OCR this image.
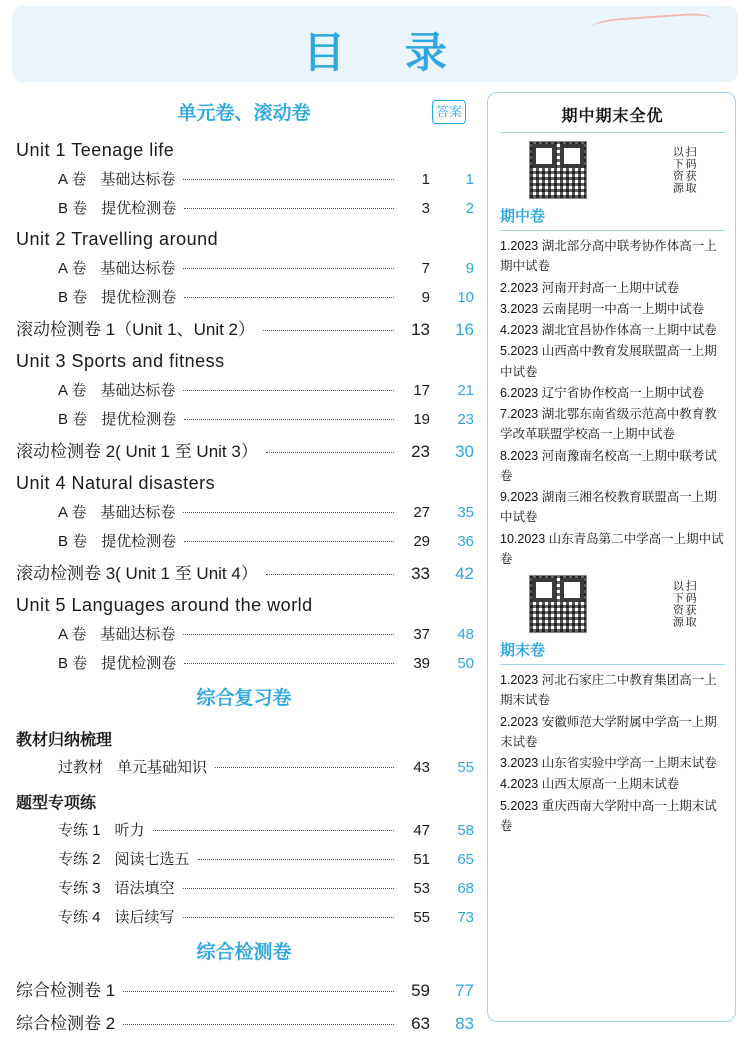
目 录
单元卷、滚动卷
Unit 1 Teenage life
A 卷 基础达标卷	1	1
B 卷 提优检测卷	3	2
Unit 2 Travelling around
A 卷 基础达标卷	7	9
B 卷 提优检测卷	9	10
滚动检测卷 1（Unit 1、Unit 2）	13	16
Unit 3 Sports and fitness
A 卷 基础达标卷	17	21
B 卷 提优检测卷	19	23
滚动检测卷 2( Unit 1 至 Unit 3）	23	30
Unit 4 Natural disasters
A 卷 基础达标卷	27	35
B 卷 提优检测卷	29	36
滚动检测卷 3( Unit 1 至 Unit 4）	33	42
Unit 5 Languages around the world
A 卷 基础达标卷	37	48
B 卷 提优检测卷	39	50
综合复习卷
教材归纳梳理
过教材 单元基础知识	43	55
题型专项练
专练 1 听力	47	58
专练 2 阅读七选五	51	65
专练 3 语法填空	53	68
专练 4 读后续写	55	73
综合检测卷
综合检测卷 1	59	77
综合检测卷 2	63	83
答案	期中期末全优
扫码获取
以下资源
期中卷
1.2023 湖北部分高中联考协作体高一上期中试卷
2.2023 河南开封高一上期中试卷
3.2023 云南昆明一中高一上期中试卷
4.2023 湖北宜昌协作体高一上期中试卷
5.2023 山西高中教育发展联盟高一上期中试卷
6.2023 辽宁省协作校高一上期中试卷
7.2023 湖北鄂东南省级示范高中教育教学改革联盟学校高一上期中试卷
8.2023 河南豫南名校高一上期中联考试卷
9.2023 湖南三湘名校教育联盟高一上期中试卷
10.2023 山东青岛第二中学高一上期中试卷
扫码获取
以下资源
期末卷
1.2023 河北石家庄二中教育集团高一上期末试卷
2.2023 安徽师范大学附属中学高一上期末试卷
3.2023 山东省实验中学高一上期末试卷
4.2023 山西太原高一上期末试卷
5.2023 重庆西南大学附中高一上期末试卷
